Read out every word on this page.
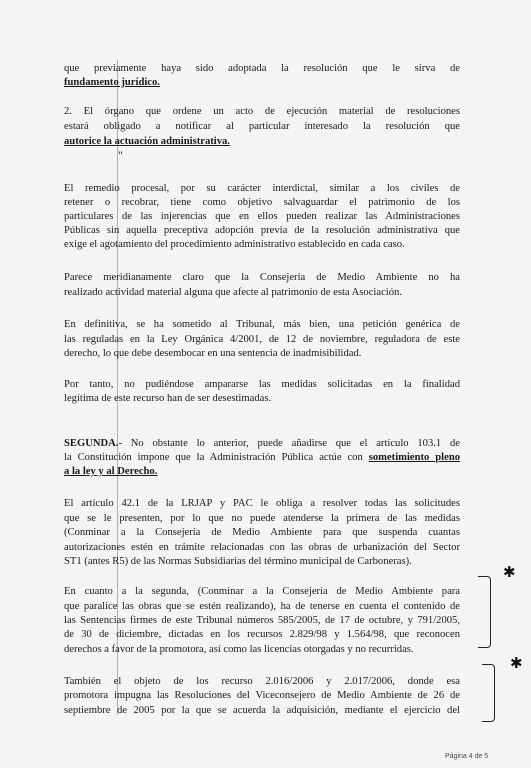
que previamente haya sido adoptada la resolución que le sirva de
fundamento jurídico.
2. El órgano que ordene un acto de ejecución material de resoluciones
estará obligado a notificar al particular interesado la resolución que
autorice la actuación administrativa.
"
El remedio procesal, por su carácter interdictal, similar a los civiles de
retener o recobrar, tiene como objetivo salvaguardar el patrimonio de los
particulares de las injerencias que en ellos pueden realizar las Administraciones
Públicas sin aquella preceptiva adopción previa de la resolución administrativa que
exige el agotamiento del procedimiento administrativo establecido en cada caso.
Parece meridianamente claro que la Consejería de Medio Ambiente no ha
realizado actividad material alguna que afecte al patrimonio de esta Asociación.
En definitiva, se ha sometido al Tribunal, más bien, una petición genérica de
las reguladas en la Ley Orgánica 4/2001, de 12 de noviembre, reguladora de este
derecho, lo que debe desembocar en una sentencia de inadmisibilidad.
Por tanto, no pudiéndose ampararse las medidas solicitadas en la finalidad
legítima de este recurso han de ser desestimadas.
SEGUNDA.- No obstante lo anterior, puede añadirse que el artículo 103.1 de
la Constitución impone que la Administración Pública actúe con sometimiento pleno
a la ley y al Derecho.
El artículo 42.1 de la LRJAP y PAC le obliga a resolver todas las solicitudes
que se le presenten, por lo que no puede atenderse la primera de las medidas
(Conminar a la Consejería de Medio Ambiente para que suspenda cuantas
autorizaciones estén en trámite relacionadas con las obras de urbanización del Sector
ST1 (antes R5) de las Normas Subsidiarias del término municipal de Carboneras).
En cuanto a la segunda, (Conminar a la Consejería de Medio Ambiente para
que paralice las obras que se estén realizando), ha de tenerse en cuenta el contenido de
las Sentencias firmes de este Tribunal números 585/2005, de 17 de octubre, y 791/2005,
de 30 de diciembre, dictadas en los recursos 2.829/98 y 1.564/98, que reconocen
derechos a favor de la promotora, así como las licencias otorgadas y no recurridas.
También el objeto de los recurso 2.016/2006 y 2.017/2006, donde esa
promotora impugna las Resoluciones del Viceconsejero de Medio Ambiente de 26 de
septiembre de 2005 por la que se acuerda la adquisición, mediante el ejercicio del
✱
✱
Página 4 de 5
